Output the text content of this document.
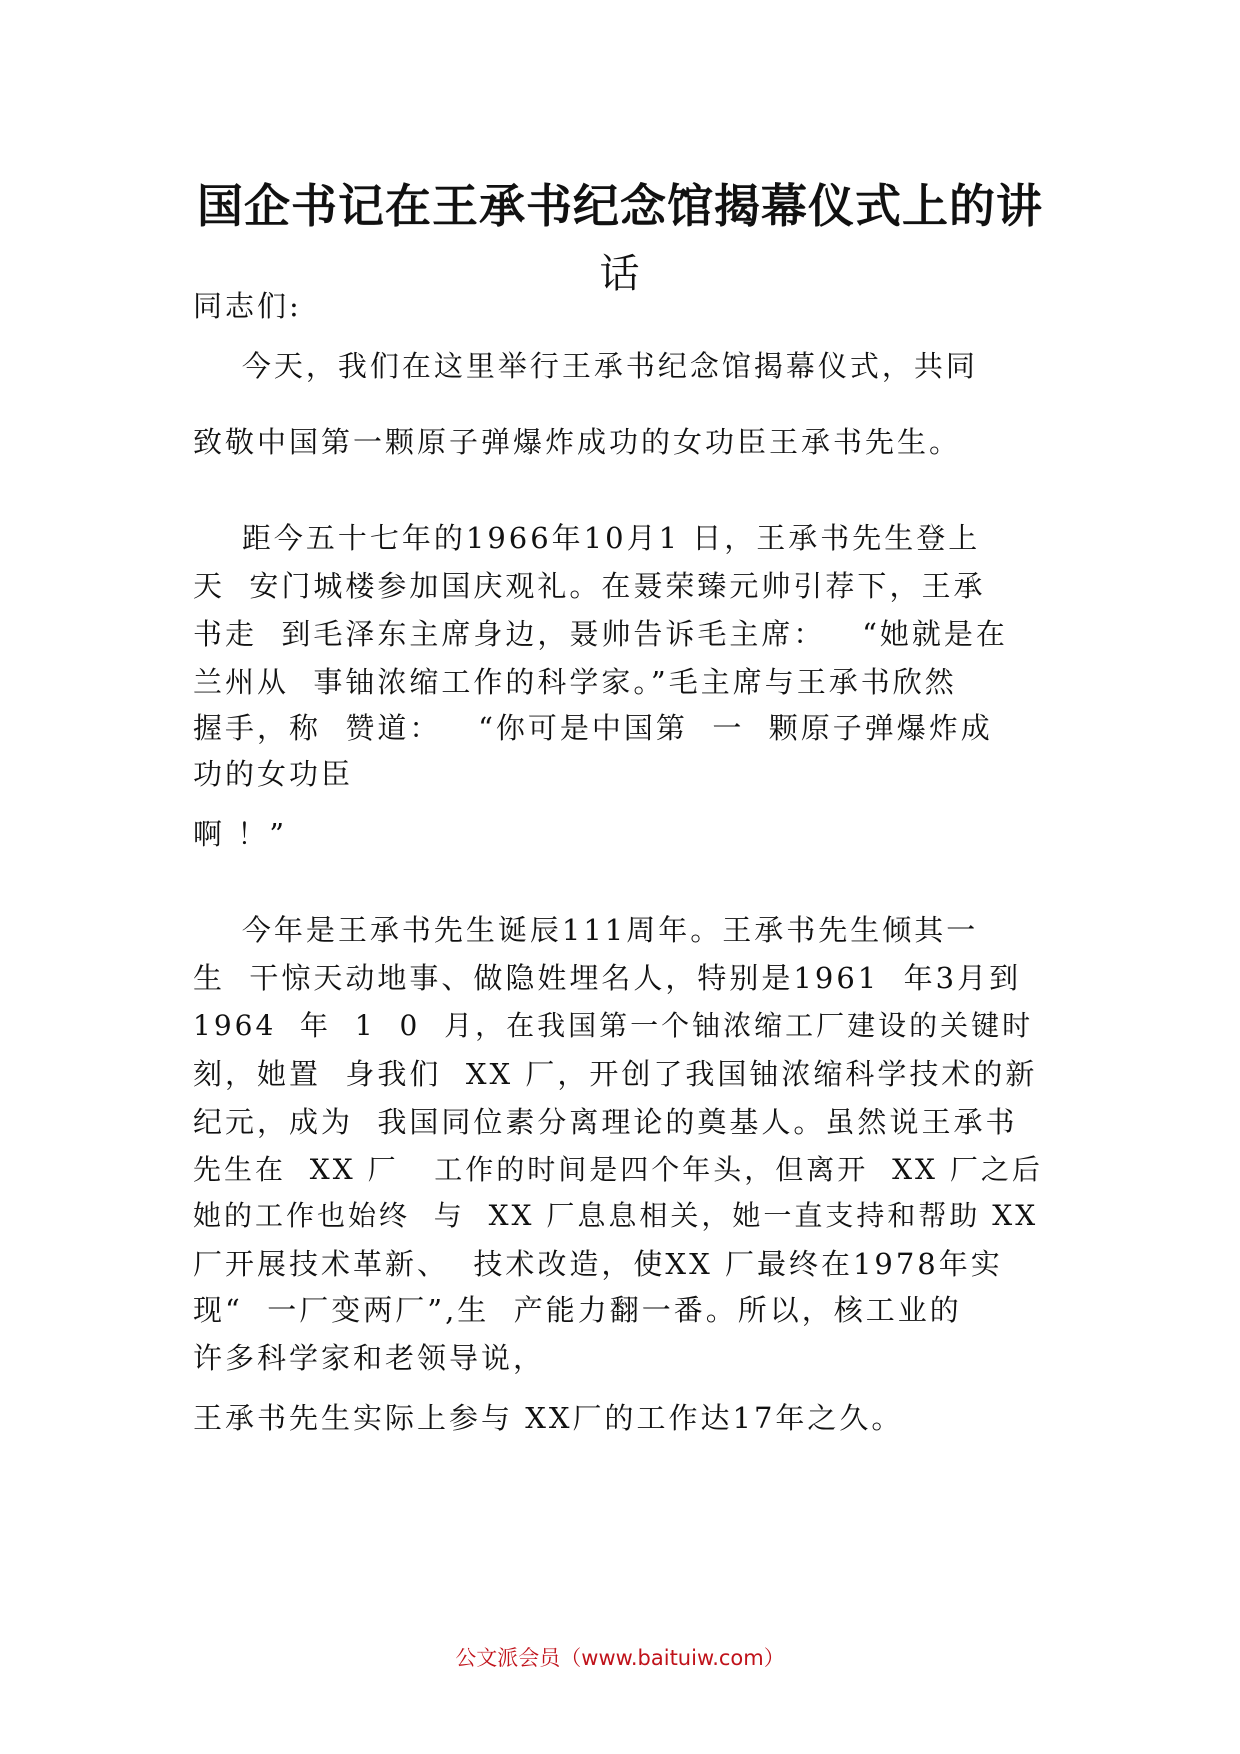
国企书记在王承书纪念馆揭幕仪式上的讲
话

同志们:

今天，我们在这里举行王承书纪念馆揭幕仪式，共同

致敬中国第一颗原子弹爆炸成功的女功臣王承书先生。

距今五十七年的1966年10月1 日，王承书先生登上

天  安门城楼参加国庆观礼。在聂荣臻元帅引荐下，王承

书走  到毛泽东主席身边，聂帅告诉毛主席：   “她就是在

兰州从  事铀浓缩工作的科学家。”毛主席与王承书欣然

握手，称  赞道：   “你可是中国第  一  颗原子弹爆炸成

功的女功臣

啊 ！”

今年是王承书先生诞辰111周年。王承书先生倾其一

生  干惊天动地事、做隐姓埋名人，特别是1961  年3月到

1964  年  1  0  月，在我国第一个铀浓缩工厂建设的关键时

刻，她置  身我们  XX 厂，开创了我国铀浓缩科学技术的新

纪元，成为  我国同位素分离理论的奠基人。虽然说王承书

先生在  XX 厂   工作的时间是四个年头，但离开  XX 厂之后

她的工作也始终  与  XX 厂息息相关，她一直支持和帮助 XX

厂开展技术革新、  技术改造，使XX 厂最终在1978年实

现“  一厂变两厂”,生  产能力翻一番。所以，核工业的

许多科学家和老领导说，

王承书先生实际上参与 XX厂的工作达17年之久。

公文派会员（www.baituiw.com）
